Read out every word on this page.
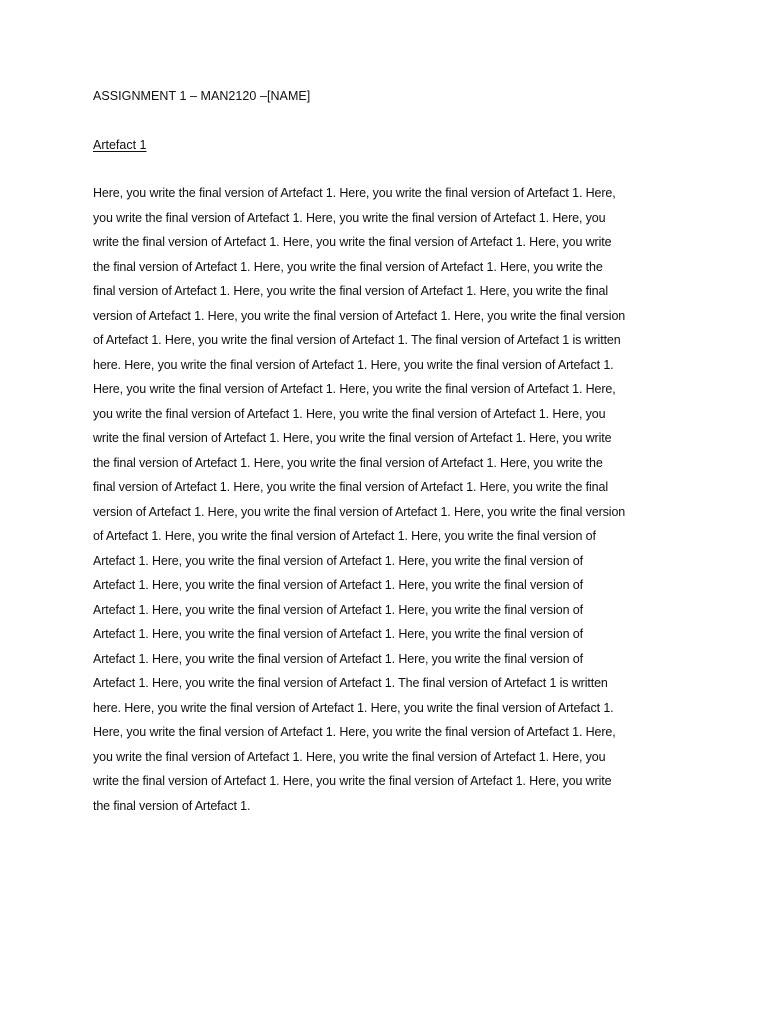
ASSIGNMENT 1 – MAN2120 –[NAME]
Artefact 1
Here, you write the final version of Artefact 1. Here, you write the final version of Artefact 1. Here,
you write the final version of Artefact 1. Here, you write the final version of Artefact 1. Here, you
write the final version of Artefact 1. Here, you write the final version of Artefact 1. Here, you write
the final version of Artefact 1. Here, you write the final version of Artefact 1. Here, you write the
final version of Artefact 1. Here, you write the final version of Artefact 1. Here, you write the final
version of Artefact 1. Here, you write the final version of Artefact 1. Here, you write the final version
of Artefact 1. Here, you write the final version of Artefact 1. The final version of Artefact 1 is written
here. Here, you write the final version of Artefact 1. Here, you write the final version of Artefact 1.
Here, you write the final version of Artefact 1. Here, you write the final version of Artefact 1. Here,
you write the final version of Artefact 1. Here, you write the final version of Artefact 1. Here, you
write the final version of Artefact 1. Here, you write the final version of Artefact 1. Here, you write
the final version of Artefact 1. Here, you write the final version of Artefact 1. Here, you write the
final version of Artefact 1. Here, you write the final version of Artefact 1. Here, you write the final
version of Artefact 1. Here, you write the final version of Artefact 1. Here, you write the final version
of Artefact 1. Here, you write the final version of Artefact 1. Here, you write the final version of
Artefact 1. Here, you write the final version of Artefact 1. Here, you write the final version of
Artefact 1. Here, you write the final version of Artefact 1. Here, you write the final version of
Artefact 1. Here, you write the final version of Artefact 1. Here, you write the final version of
Artefact 1. Here, you write the final version of Artefact 1. Here, you write the final version of
Artefact 1. Here, you write the final version of Artefact 1. Here, you write the final version of
Artefact 1. Here, you write the final version of Artefact 1. The final version of Artefact 1 is written
here. Here, you write the final version of Artefact 1. Here, you write the final version of Artefact 1.
Here, you write the final version of Artefact 1. Here, you write the final version of Artefact 1. Here,
you write the final version of Artefact 1. Here, you write the final version of Artefact 1. Here, you
write the final version of Artefact 1. Here, you write the final version of Artefact 1. Here, you write
the final version of Artefact 1.
